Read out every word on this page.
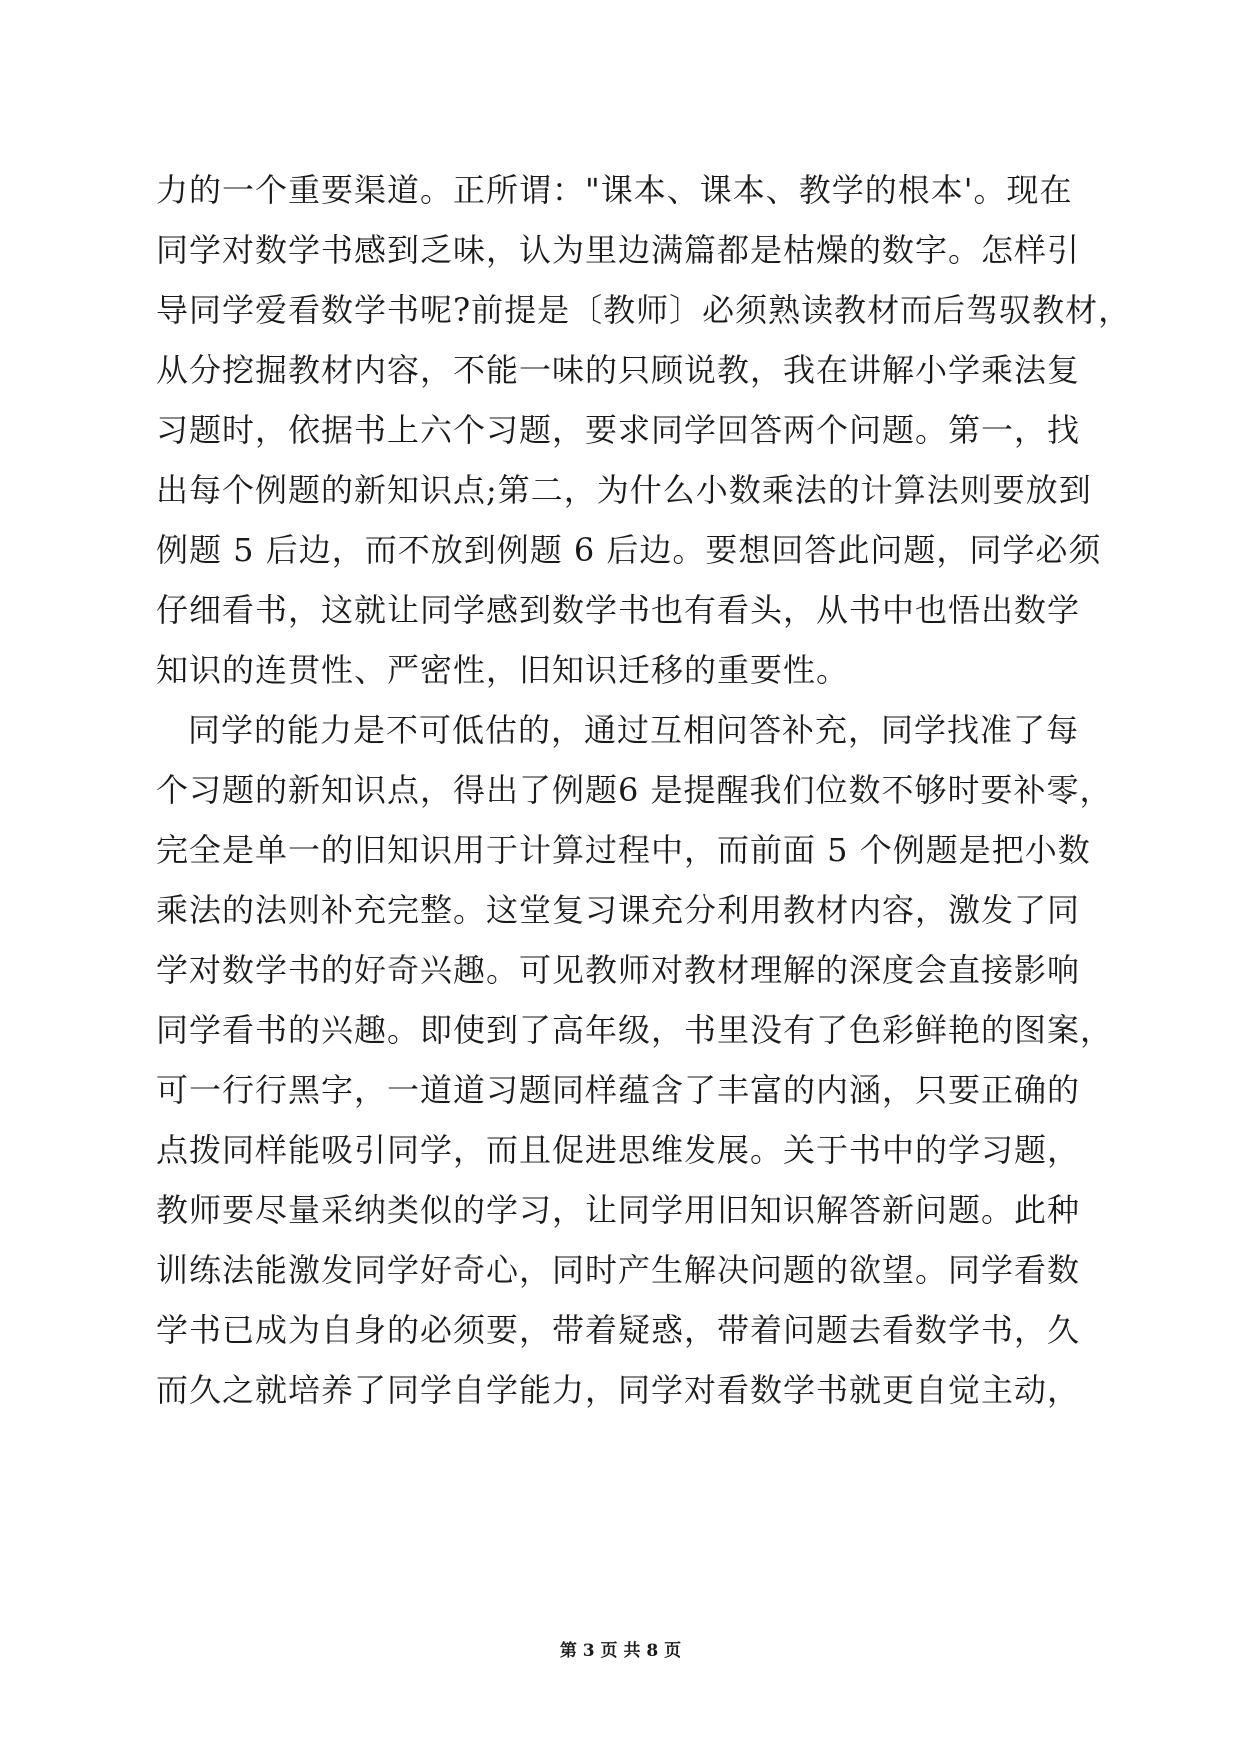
力的一个重要渠道。正所谓："课本、课本、教学的根本'。现在
同学对数学书感到乏味，认为里边满篇都是枯燥的数字。怎样引
导同学爱看数学书呢?前提是〔教师〕必须熟读教材而后驾驭教材，
从分挖掘教材内容，不能一味的只顾说教，我在讲解小学乘法复
习题时，依据书上六个习题，要求同学回答两个问题。第一，找
出每个例题的新知识点;第二，为什么小数乘法的计算法则要放到
例题 5 后边，而不放到例题 6 后边。要想回答此问题，同学必须
仔细看书，这就让同学感到数学书也有看头，从书中也悟出数学
知识的连贯性、严密性，旧知识迁移的重要性。
同学的能力是不可低估的，通过互相问答补充，同学找准了每
个习题的新知识点，得出了例题6 是提醒我们位数不够时要补零，
完全是单一的旧知识用于计算过程中，而前面 5 个例题是把小数
乘法的法则补充完整。这堂复习课充分利用教材内容，激发了同
学对数学书的好奇兴趣。可见教师对教材理解的深度会直接影响
同学看书的兴趣。即使到了高年级，书里没有了色彩鲜艳的图案，
可一行行黑字，一道道习题同样蕴含了丰富的内涵，只要正确的
点拨同样能吸引同学，而且促进思维发展。关于书中的学习题，
教师要尽量采纳类似的学习，让同学用旧知识解答新问题。此种
训练法能激发同学好奇心，同时产生解决问题的欲望。同学看数
学书已成为自身的必须要，带着疑惑，带着问题去看数学书，久
而久之就培养了同学自学能力，同学对看数学书就更自觉主动，
第 3 页 共 8 页
